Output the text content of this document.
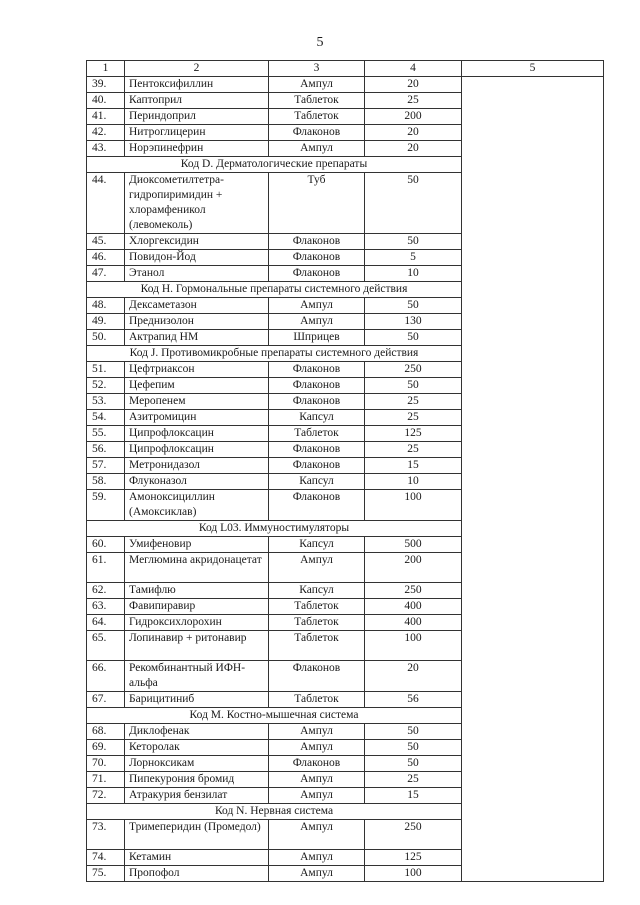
5
1	2	3	4	5
39.	Пентоксифиллин	Ампул	20	
40.	Каптоприл	Таблеток	25	
41.	Периндоприл	Таблеток	200	
42.	Нитроглицерин	Флаконов	20	
43.	Норэпинефрин	Ампул	20	
Код D. Дерматологические препараты				
44.	Диоксометилтетра-гидропиримидин + хлорамфеникол (левомеколь)	Туб	50	
45.	Хлоргексидин	Флаконов	50	
46.	Повидон-Йод	Флаконов	5	
47.	Этанол	Флаконов	10	
Код H. Гормональные препараты системного действия				
48.	Дексаметазон	Ампул	50	
49.	Преднизолон	Ампул	130	
50.	Актрапид НМ	Шприцев	50	
Код J. Противомикробные препараты системного действия				
51.	Цефтриаксон	Флаконов	250	
52.	Цефепим	Флаконов	50	
53.	Меропенем	Флаконов	25	
54.	Азитромицин	Капсул	25	
55.	Ципрофлоксацин	Таблеток	125	
56.	Ципрофлоксацин	Флаконов	25	
57.	Метронидазол	Флаконов	15	
58.	Флуконазол	Капсул	10	
59.	Амоноксициллин (Амоксиклав)	Флаконов	100	
Код L03. Иммуностимуляторы				
60.	Умифеновир	Капсул	500	
61.	Меглюмина акридонацетат	Ампул	200	
62.	Тамифлю	Капсул	250	
63.	Фавипиравир	Таблеток	400	
64.	Гидроксихлорохин	Таблеток	400	
65.	Лопинавир + ритонавир	Таблеток	100	
66.	Рекомбинантный ИФН-альфа	Флаконов	20	
67.	Барицитиниб	Таблеток	56	
Код M. Костно-мышечная система				
68.	Диклофенак	Ампул	50	
69.	Кеторолак	Ампул	50	
70.	Лорноксикам	Флаконов	50	
71.	Пипекурония бромид	Ампул	25	
72.	Атракурия бензилат	Ампул	15	
Код N. Нервная система				
73.	Тримеперидин (Промедол)	Ампул	250	
74.	Кетамин	Ампул	125	
75.	Пропофол	Ампул	100	
